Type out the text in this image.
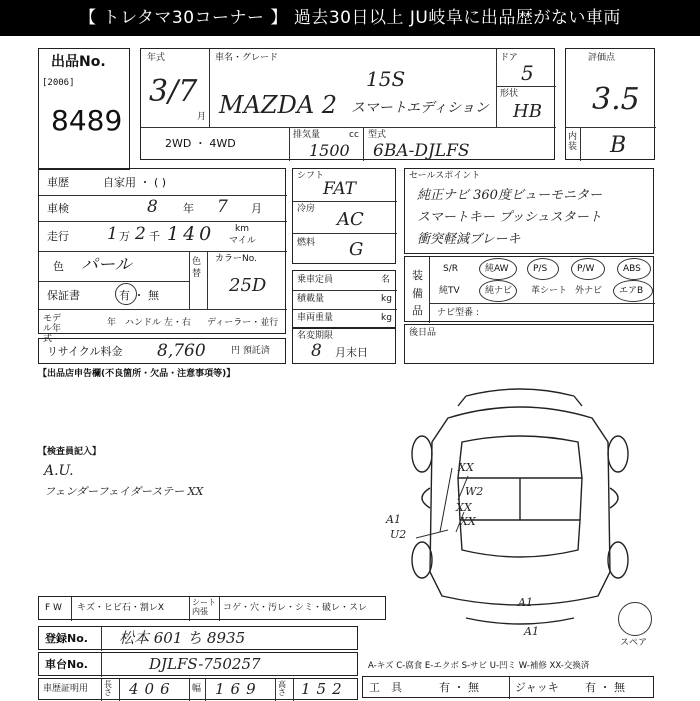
【 トレタマ30コーナー 】 過去30日以上 JU岐阜に出品歴がない車両
出品No.
[2006]
8489
年式
3/7
月
車名・グレード
15S
MAZDA 2 スマートエディション
ドア
5
形状
HB
2WD ・ 4WD
排気量	cc
1500
型式
6BA-DJLFS
評価点
3.5
内装 B
車歴	自家用 ・ ( )
車検	8 年 7 月
走行 1 万 2 千 140 km
マイル
色 パール	色替
保証書	有 ・ 無
カラーNo.
25D
モデル年式
年 ハンドル 左・右 ディーラー・並行
リサイクル料金 8,760	円 預託済
シフト
FAT
冷房 AC
燃料 G
乗車定員	名
積載量	kg
車両重量	kg
名変期限
8 月末日
セールスポイント
純正ナビ 360度ビューモニター
スマートキー プッシュスタート
衝突軽減ブレーキ
装備品
S/R	純AW	P/S	P/W	ABS
純TV	純ナビ 革シート 外ナビ エアB
ナビ型番 :
後日品
【出品店申告欄(不良箇所・欠品・注意事項等)】
【検査員記入】
A.U.
フェンダーフェイダーステー XX
XX
W2
XX
XX
A1
U2
A1
A1
スペア
F W キズ・ヒビ石・割レX
シート内張	コゲ・穴・汚レ・シミ・破レ・スレ
登録No. 松本 601 ち 8935
車台No.	DJLFS-750257
車歴証明用 長さ 406 幅 169 高さ 152
A-キズ C-腐食 E-エクボ S-サビ U-凹ミ W-補修 XX-交換済
工　具	有 ・ 無	ジャッキ 有 ・ 無
